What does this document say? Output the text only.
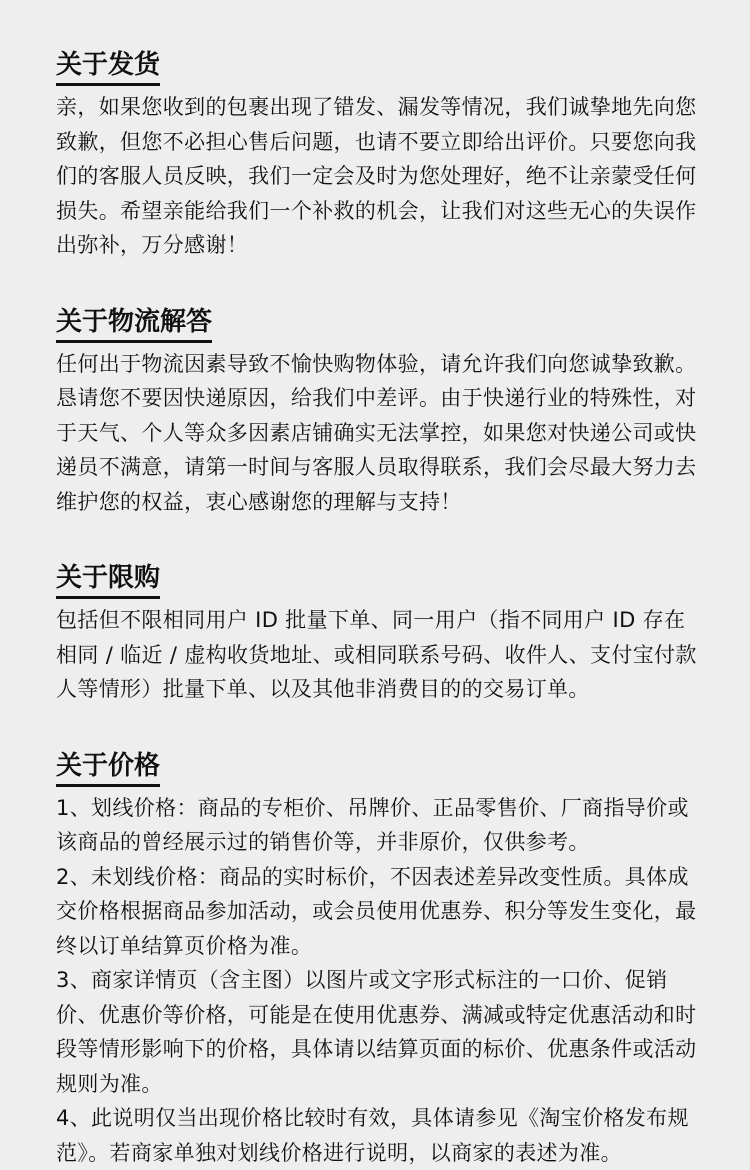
关于发货

亲，如果您收到的包裹出现了错发、漏发等情况，我们诚挚地先向您致歉，但您不必担心售后问题，也请不要立即给出评价。只要您向我们的客服人员反映，我们一定会及时为您处理好，绝不让亲蒙受任何损失。希望亲能给我们一个补救的机会，让我们对这些无心的失误作出弥补，万分感谢！

关于物流解答

任何出于物流因素导致不愉快购物体验，请允许我们向您诚挚致歉。恳请您不要因快递原因，给我们中差评。由于快递行业的特殊性，对于天气、个人等众多因素店铺确实无法掌控，如果您对快递公司或快递员不满意，请第一时间与客服人员取得联系，我们会尽最大努力去维护您的权益，衷心感谢您的理解与支持！

关于限购

包括但不限相同用户 ID 批量下单、同一用户（指不同用户 ID 存在相同 / 临近 / 虚构收货地址、或相同联系号码、收件人、支付宝付款人等情形）批量下单、以及其他非消费目的的交易订单。

关于价格

1、划线价格：商品的专柜价、吊牌价、正品零售价、厂商指导价或该商品的曾经展示过的销售价等，并非原价，仅供参考。

2、未划线价格：商品的实时标价，不因表述差异改变性质。具体成交价格根据商品参加活动，或会员使用优惠券、积分等发生变化，最终以订单结算页价格为准。

3、商家详情页（含主图）以图片或文字形式标注的一口价、促销价、优惠价等价格，可能是在使用优惠券、满减或特定优惠活动和时段等情形影响下的价格，具体请以结算页面的标价、优惠条件或活动规则为准。

4、此说明仅当出现价格比较时有效，具体请参见《淘宝价格发布规范》。若商家单独对划线价格进行说明，以商家的表述为准。
